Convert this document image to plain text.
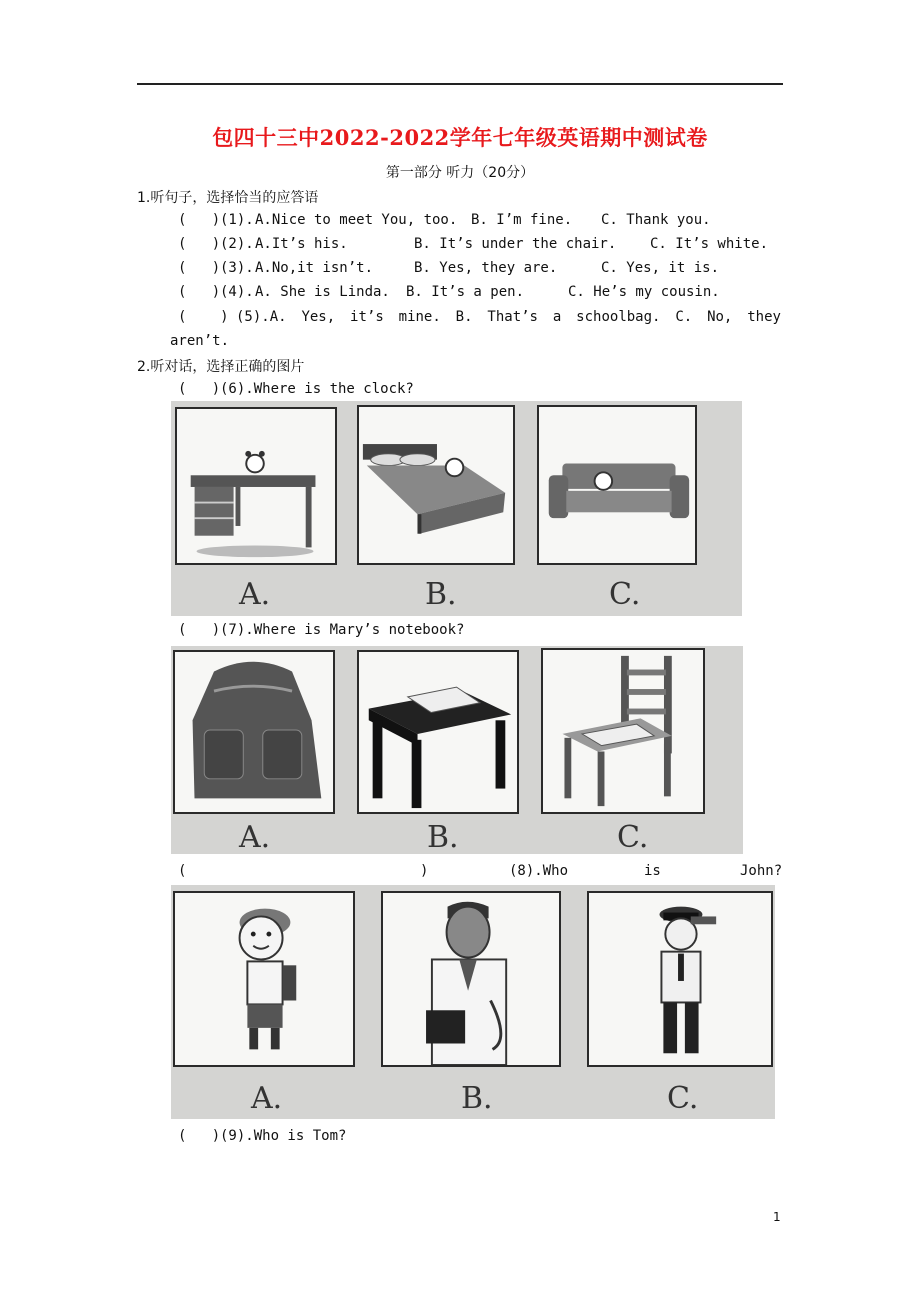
包四十三中2022-2022学年七年级英语期中测试卷
第一部分 听力（20分）
1.听句子，选择恰当的应答语
(   ) (1). A.Nice to meet You, too. B. I’m fine. C. Thank you.
(   ) (2). A.It’s his.	B. It’s under the chair. C. It’s white.
(   ) (3). A.No,it isn’t.	B. Yes, they are.	C. Yes, it is.
(   ) (4). A. She is Linda. B. It’s a pen.	C. He’s my cousin.
(    ) (5).A. Yes, it’s mine. B. That’s a schoolbag. C. No, they
aren’t.
2.听对话，选择正确的图片
(   ) (6).Where is the clock?
A.	B.	C.
(   ) (7).Where is Mary’s notebook?
A.	B.	C.
(	)	(8).Who	is	John?
A.	B.	C.
(   ) (9).Who is Tom?
1
